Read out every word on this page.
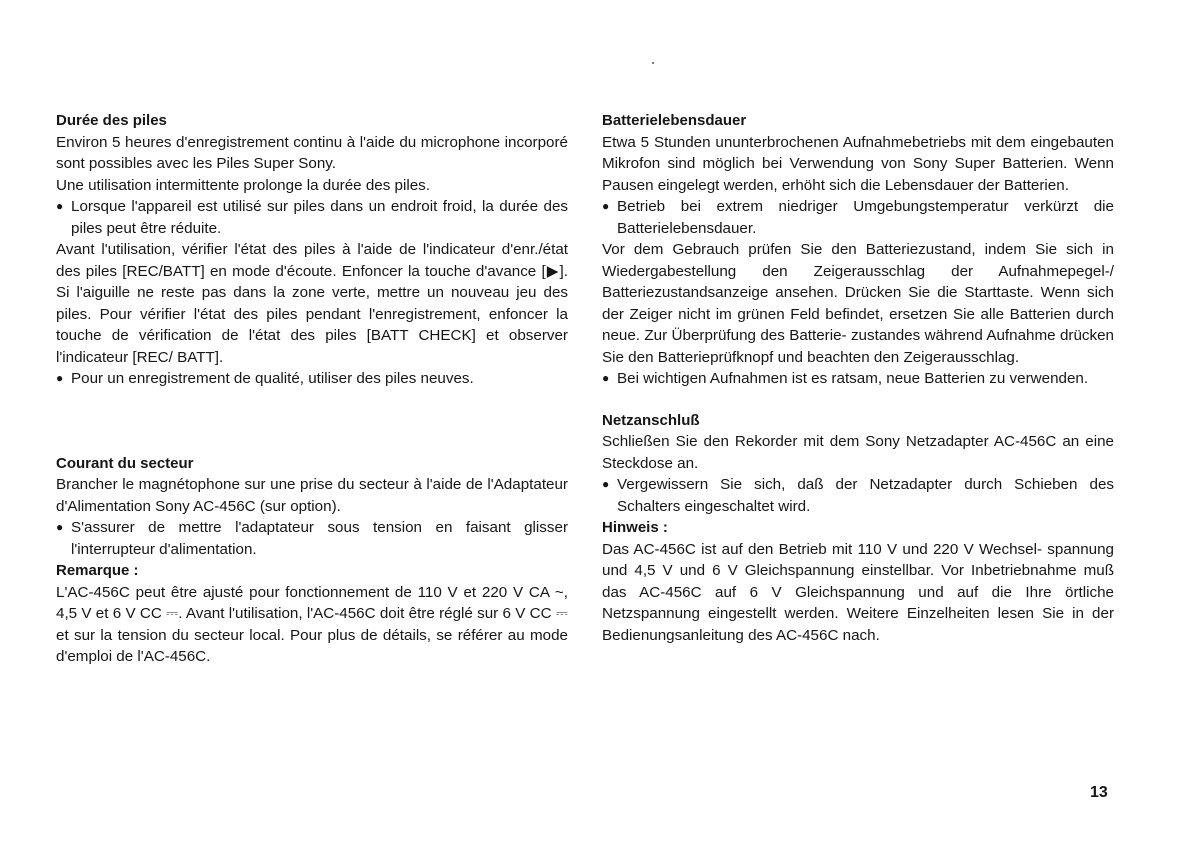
Durée des piles

Environ 5 heures d'enregistrement continu à l'aide du microphone incorporé sont possibles avec les Piles Super Sony.

Une utilisation intermittente prolonge la durée des piles.

● Lorsque l'appareil est utilisé sur piles dans un endroit froid, la durée des piles peut être réduite.

Avant l'utilisation, vérifier l'état des piles à l'aide de l'indicateur d'enr./état des piles [REC/BATT] en mode d'écoute. Enfoncer la touche d'avance [▶]. Si l'aiguille ne reste pas dans la zone verte, mettre un nouveau jeu des piles. Pour vérifier l'état des piles pendant l'enregistrement, enfoncer la touche de vérification de l'état des piles [BATT CHECK] et observer l'indicateur [REC/ BATT].

● Pour un enregistrement de qualité, utiliser des piles neuves.

Courant du secteur

Brancher le magnétophone sur une prise du secteur à l'aide de l'Adaptateur d'Alimentation Sony AC-456C (sur option).

● S'assurer de mettre l'adaptateur sous tension en faisant glisser l'interrupteur d'alimentation.

Remarque :

L'AC-456C peut être ajusté pour fonctionnement de 110 V et 220 V CA ~, 4,5 V et 6 V CC ⎓. Avant l'utilisation, l'AC-456C doit être réglé sur 6 V CC ⎓ et sur la tension du secteur local. Pour plus de détails, se référer au mode d'emploi de l'AC-456C.

Batterielebensdauer

Etwa 5 Stunden ununterbrochenen Aufnahmebetriebs mit dem eingebauten Mikrofon sind möglich bei Verwendung von Sony Super Batterien. Wenn Pausen eingelegt werden, erhöht sich die Lebensdauer der Batterien.

● Betrieb bei extrem niedriger Umgebungstemperatur verkürzt die Batterielebensdauer.

Vor dem Gebrauch prüfen Sie den Batteriezustand, indem Sie sich in Wiedergabestellung den Zeigerausschlag der Aufnahmepegel-/ Batteriezustandsanzeige ansehen. Drücken Sie die Starttaste. Wenn sich der Zeiger nicht im grünen Feld befindet, ersetzen Sie alle Batterien durch neue. Zur Überprüfung des Batterie- zustandes während Aufnahme drücken Sie den Batterieprüfknopf und beachten den Zeigerausschlag.

● Bei wichtigen Aufnahmen ist es ratsam, neue Batterien zu verwenden.

Netzanschluß

Schließen Sie den Rekorder mit dem Sony Netzadapter AC-456C an eine Steckdose an.

● Vergewissern Sie sich, daß der Netzadapter durch Schieben des Schalters eingeschaltet wird.

Hinweis :

Das AC-456C ist auf den Betrieb mit 110 V und 220 V Wechsel- spannung und 4,5 V und 6 V Gleichspannung einstellbar. Vor Inbetriebnahme muß das AC-456C auf 6 V Gleichspannung und auf die Ihre örtliche Netzspannung eingestellt werden. Weitere Einzelheiten lesen Sie in der Bedienungsanleitung des AC-456C nach.

13
